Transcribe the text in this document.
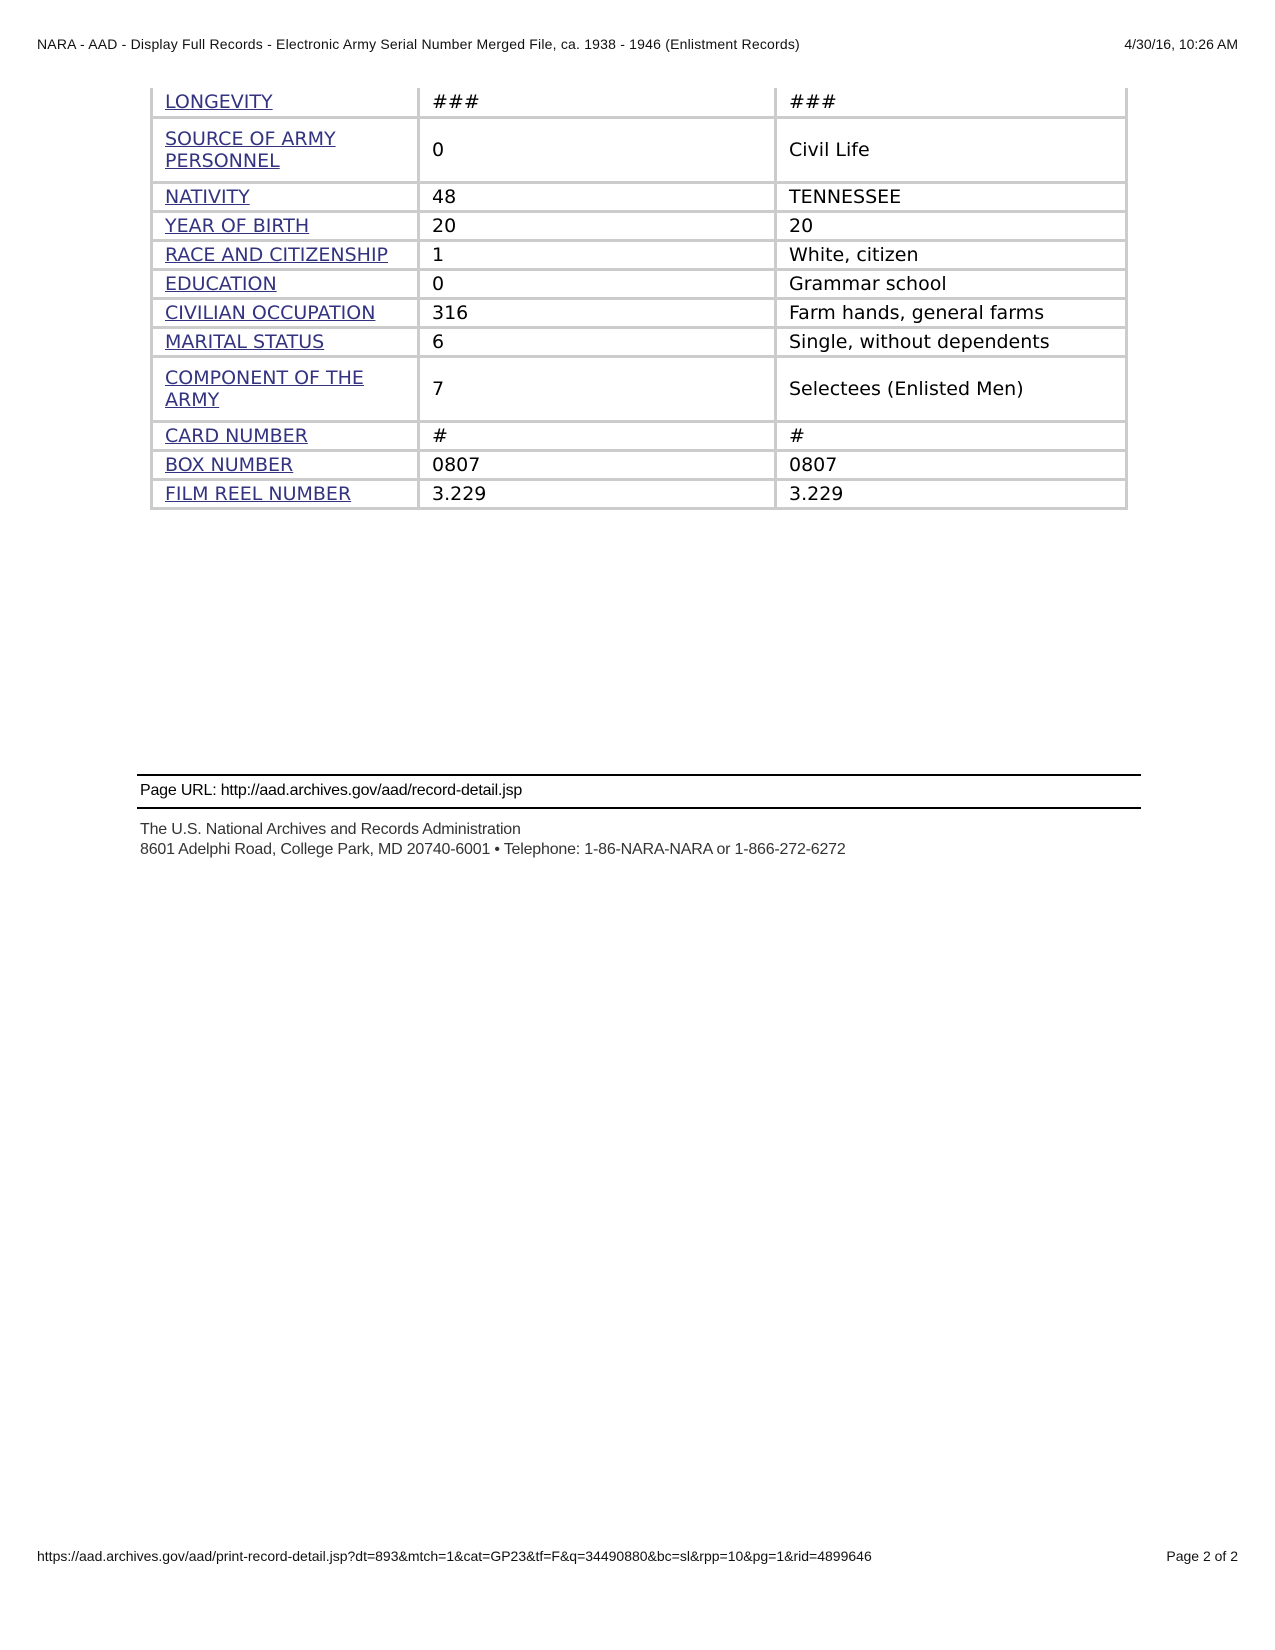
NARA - AAD - Display Full Records - Electronic Army Serial Number Merged File, ca. 1938 - 1946 (Enlistment Records)	4/30/16, 10:26 AM
LONGEVITY	###	###
SOURCE OF ARMY PERSONNEL	0	Civil Life
NATIVITY	48	TENNESSEE
YEAR OF BIRTH	20	20
RACE AND CITIZENSHIP	1	White, citizen
EDUCATION	0	Grammar school
CIVILIAN OCCUPATION	316	Farm hands, general farms
MARITAL STATUS	6	Single, without dependents
COMPONENT OF THE ARMY	7	Selectees (Enlisted Men)
CARD NUMBER	#	#
BOX NUMBER	0807	0807
FILM REEL NUMBER	3.229	3.229
Page URL: http://aad.archives.gov/aad/record-detail.jsp
The U.S. National Archives and Records Administration
8601 Adelphi Road, College Park, MD 20740-6001 • Telephone: 1-86-NARA-NARA or 1-866-272-6272
https://aad.archives.gov/aad/print-record-detail.jsp?dt=893&mtch=1&cat=GP23&tf=F&q=34490880&bc=sl&rpp=10&pg=1&rid=4899646	Page 2 of 2
